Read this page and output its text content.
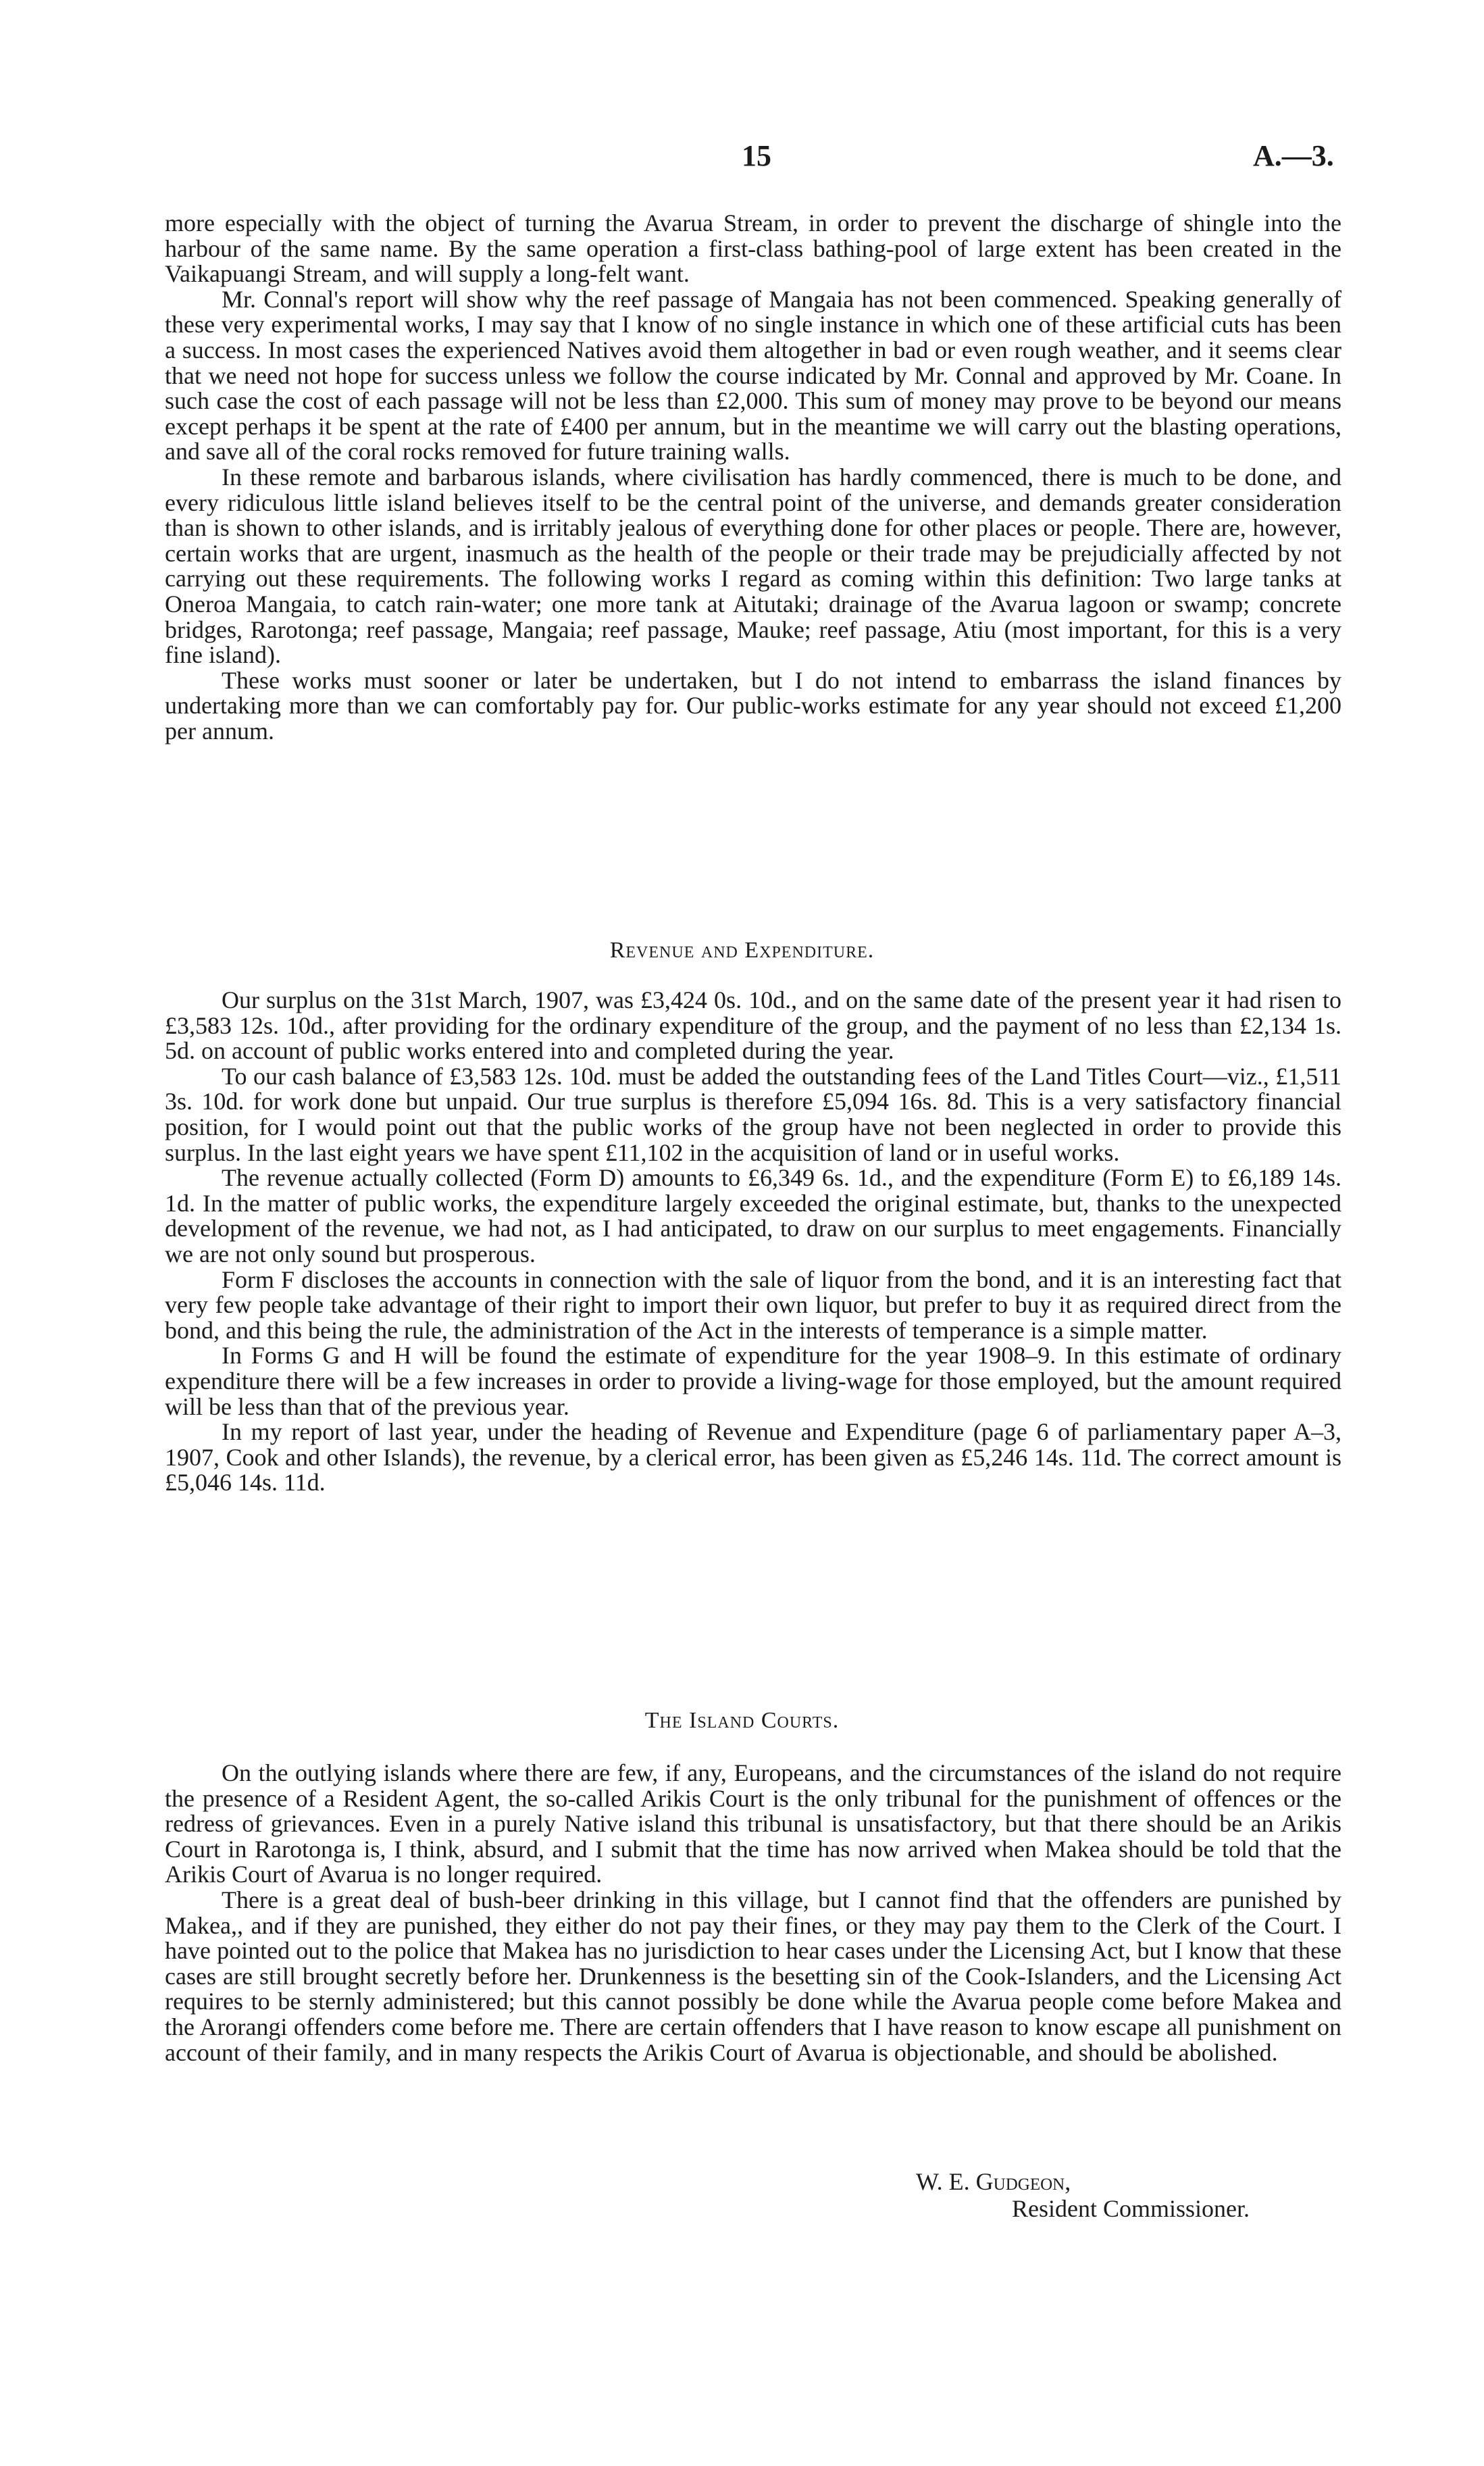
15	A.—3.

more especially with the object of turning the Avarua Stream, in order to prevent the discharge of shingle into the harbour of the same name. By the same operation a first-class bathing-pool of large extent has been created in the Vaikapuangi Stream, and will supply a long-felt want.

Mr. Connal's report will show why the reef passage of Mangaia has not been commenced. Speaking generally of these very experimental works, I may say that I know of no single instance in which one of these artificial cuts has been a success. In most cases the experienced Natives avoid them altogether in bad or even rough weather, and it seems clear that we need not hope for success unless we follow the course indicated by Mr. Connal and approved by Mr. Coane. In such case the cost of each passage will not be less than £2,000. This sum of money may prove to be beyond our means except perhaps it be spent at the rate of £400 per annum, but in the meantime we will carry out the blasting operations, and save all of the coral rocks removed for future training walls.

In these remote and barbarous islands, where civilisation has hardly commenced, there is much to be done, and every ridiculous little island believes itself to be the central point of the universe, and demands greater consideration than is shown to other islands, and is irritably jealous of everything done for other places or people. There are, however, certain works that are urgent, inasmuch as the health of the people or their trade may be prejudicially affected by not carrying out these requirements. The following works I regard as coming within this definition: Two large tanks at Oneroa Mangaia, to catch rain-water; one more tank at Aitutaki; drainage of the Avarua lagoon or swamp; concrete bridges, Rarotonga; reef passage, Mangaia; reef passage, Mauke; reef passage, Atiu (most important, for this is a very fine island).

These works must sooner or later be undertaken, but I do not intend to embarrass the island finances by undertaking more than we can comfortably pay for. Our public-works estimate for any year should not exceed £1,200 per annum.

Revenue and Expenditure.

Our surplus on the 31st March, 1907, was £3,424 0s. 10d., and on the same date of the present year it had risen to £3,583 12s. 10d., after providing for the ordinary expenditure of the group, and the payment of no less than £2,134 1s. 5d. on account of public works entered into and completed during the year.

To our cash balance of £3,583 12s. 10d. must be added the outstanding fees of the Land Titles Court—viz., £1,511 3s. 10d. for work done but unpaid. Our true surplus is therefore £5,094 16s. 8d. This is a very satisfactory financial position, for I would point out that the public works of the group have not been neglected in order to provide this surplus. In the last eight years we have spent £11,102 in the acquisition of land or in useful works.

The revenue actually collected (Form D) amounts to £6,349 6s. 1d., and the expenditure (Form E) to £6,189 14s. 1d. In the matter of public works, the expenditure largely exceeded the original estimate, but, thanks to the unexpected development of the revenue, we had not, as I had anticipated, to draw on our surplus to meet engagements. Financially we are not only sound but prosperous.

Form F discloses the accounts in connection with the sale of liquor from the bond, and it is an interesting fact that very few people take advantage of their right to import their own liquor, but prefer to buy it as required direct from the bond, and this being the rule, the administration of the Act in the interests of temperance is a simple matter.

In Forms G and H will be found the estimate of expenditure for the year 1908–9. In this estimate of ordinary expenditure there will be a few increases in order to provide a living-wage for those employed, but the amount required will be less than that of the previous year.

In my report of last year, under the heading of Revenue and Expenditure (page 6 of parliamentary paper A–3, 1907, Cook and other Islands), the revenue, by a clerical error, has been given as £5,246 14s. 11d. The correct amount is £5,046 14s. 11d.

The Island Courts.

On the outlying islands where there are few, if any, Europeans, and the circumstances of the island do not require the presence of a Resident Agent, the so-called Arikis Court is the only tribunal for the punishment of offences or the redress of grievances. Even in a purely Native island this tribunal is unsatisfactory, but that there should be an Arikis Court in Rarotonga is, I think, absurd, and I submit that the time has now arrived when Makea should be told that the Arikis Court of Avarua is no longer required.

There is a great deal of bush-beer drinking in this village, but I cannot find that the offenders are punished by Makea,, and if they are punished, they either do not pay their fines, or they may pay them to the Clerk of the Court. I have pointed out to the police that Makea has no jurisdiction to hear cases under the Licensing Act, but I know that these cases are still brought secretly before her. Drunkenness is the besetting sin of the Cook-Islanders, and the Licensing Act requires to be sternly administered; but this cannot possibly be done while the Avarua people come before Makea and the Arorangi offenders come before me. There are certain offenders that I have reason to know escape all punishment on account of their family, and in many respects the Arikis Court of Avarua is objectionable, and should be abolished.

W. E. Gudgeon,
Resident Commissioner.
